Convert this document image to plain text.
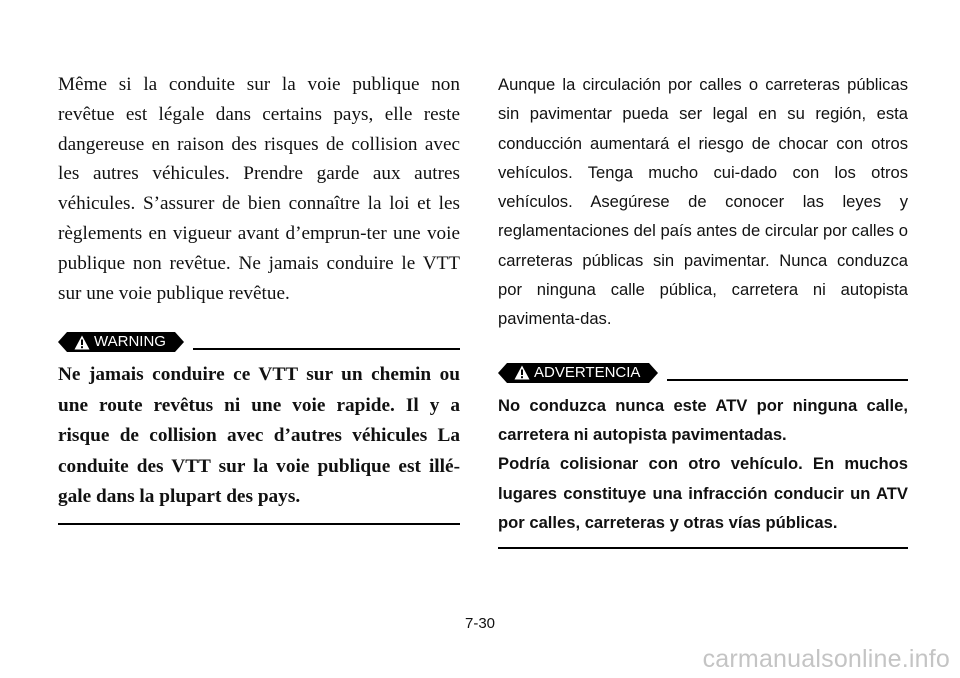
Même si la conduite sur la voie publique non revêtue est légale dans certains pays, elle reste dangereuse en raison des risques de collision avec les autres véhicules. Prendre garde aux autres véhicules. S’assurer de bien connaître la loi et les règlements en vigueur avant d’emprun-ter une voie publique non revêtue. Ne jamais conduire le VTT sur une voie publique revêtue.

WARNING

Ne jamais conduire ce VTT sur un chemin ou une route revêtus ni une voie rapide. Il y a risque de collision avec d’autres véhicules La conduite des VTT sur la voie publique est illé-gale dans la plupart des pays.

Aunque la circulación por calles o carreteras públicas sin pavimentar pueda ser legal en su región, esta conducción aumentará el riesgo de chocar con otros vehículos. Tenga mucho cui-dado con los otros vehículos. Asegúrese de conocer las leyes y reglamentaciones del país antes de circular por calles o carreteras públicas sin pavimentar. Nunca conduzca por ninguna calle pública, carretera ni autopista pavimenta-das.

ADVERTENCIA

No conduzca nunca este ATV por ninguna calle, carretera ni autopista pavimentadas.

Podría colisionar con otro vehículo. En muchos lugares constituye una infracción conducir un ATV por calles, carreteras y otras vías públicas.

7-30
carmanualsonline.info
